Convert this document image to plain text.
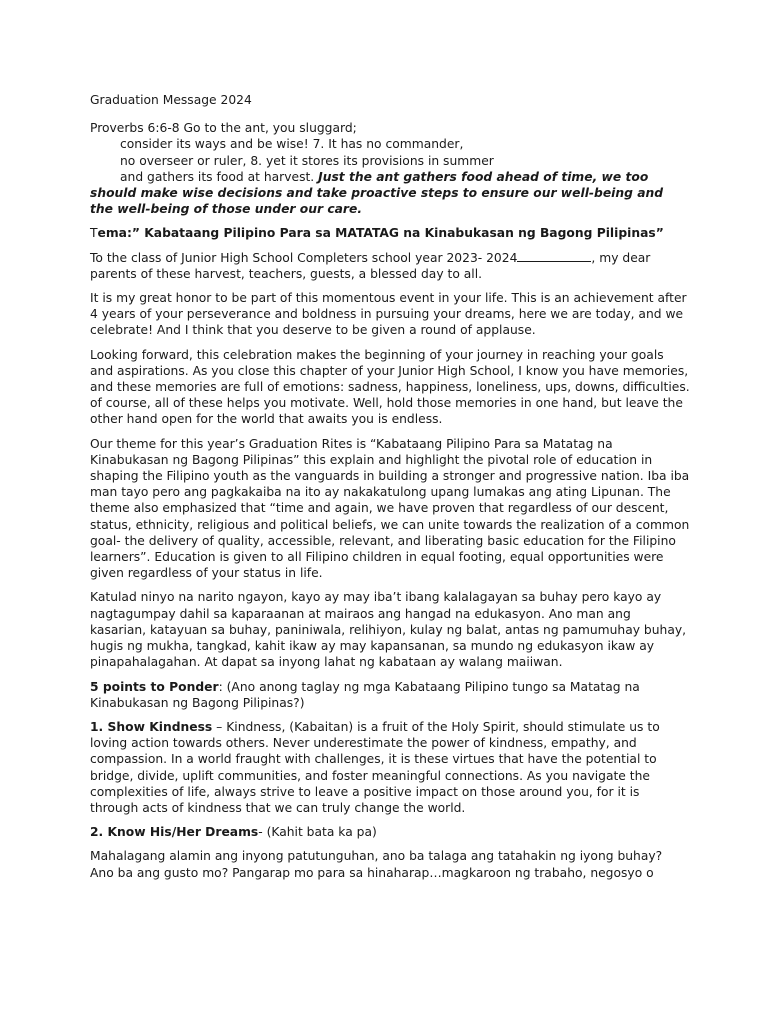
Graduation Message 2024

Proverbs 6:6-8 Go to the ant, you sluggard;
consider its ways and be wise! 7. It has no commander,
no overseer or ruler, 8. yet it stores its provisions in summer
and gathers its food at harvest. Just the ant gathers food ahead of time, we too
should make wise decisions and take proactive steps to ensure our well-being and
the well-being of those under our care.

Tema:” Kabataang Pilipino Para sa MATATAG na Kinabukasan ng Bagong Pilipinas”

To the class of Junior High School Completers school year 2023- 2024	, my dear
parents of these harvest, teachers, guests, a blessed day to all.

It is my great honor to be part of this momentous event in your life. This is an achievement after 4 years of your perseverance and boldness in pursuing your dreams, here we are today, and we celebrate! And I think that you deserve to be given a round of applause.

Looking forward, this celebration makes the beginning of your journey in reaching your goals and aspirations. As you close this chapter of your Junior High School, I know you have memories, and these memories are full of emotions: sadness, happiness, loneliness, ups, downs, difficulties. of course, all of these helps you motivate. Well, hold those memories in one hand, but leave the other hand open for the world that awaits you is endless.

Our theme for this year’s Graduation Rites is “Kabataang Pilipino Para sa Matatag na Kinabukasan ng Bagong Pilipinas” this explain and highlight the pivotal role of education in shaping the Filipino youth as the vanguards in building a stronger and progressive nation. Iba iba man tayo pero ang pagkakaiba na ito ay nakakatulong upang lumakas ang ating Lipunan. The theme also emphasized that “time and again, we have proven that regardless of our descent, status, ethnicity, religious and political beliefs, we can unite towards the realization of a common goal- the delivery of quality, accessible, relevant, and liberating basic education for the Filipino learners”. Education is given to all Filipino children in equal footing, equal opportunities were given regardless of your status in life.

Katulad ninyo na narito ngayon, kayo ay may iba’t ibang kalalagayan sa buhay pero kayo ay nagtagumpay dahil sa kaparaanan at mairaos ang hangad na edukasyon. Ano man ang kasarian, katayuan sa buhay, paniniwala, relihiyon, kulay ng balat, antas ng pamumuhay buhay, hugis ng mukha, tangkad, kahit ikaw ay may kapansanan, sa mundo ng edukasyon ikaw ay pinapahalagahan. At dapat sa inyong lahat ng kabataan ay walang maiiwan.

5 points to Ponder: (Ano anong taglay ng mga Kabataang Pilipino tungo sa Matatag na Kinabukasan ng Bagong Pilipinas?)

1. Show Kindness – Kindness, (Kabaitan) is a fruit of the Holy Spirit, should stimulate us to loving action towards others. Never underestimate the power of kindness, empathy, and compassion. In a world fraught with challenges, it is these virtues that have the potential to bridge, divide, uplift communities, and foster meaningful connections. As you navigate the complexities of life, always strive to leave a positive impact on those around you, for it is through acts of kindness that we can truly change the world.

2. Know His/Her Dreams- (Kahit bata ka pa)

Mahalagang alamin ang inyong patutunguhan, ano ba talaga ang tatahakin ng iyong buhay?
Ano ba ang gusto mo? Pangarap mo para sa hinaharap…magkaroon ng trabaho, negosyo o
